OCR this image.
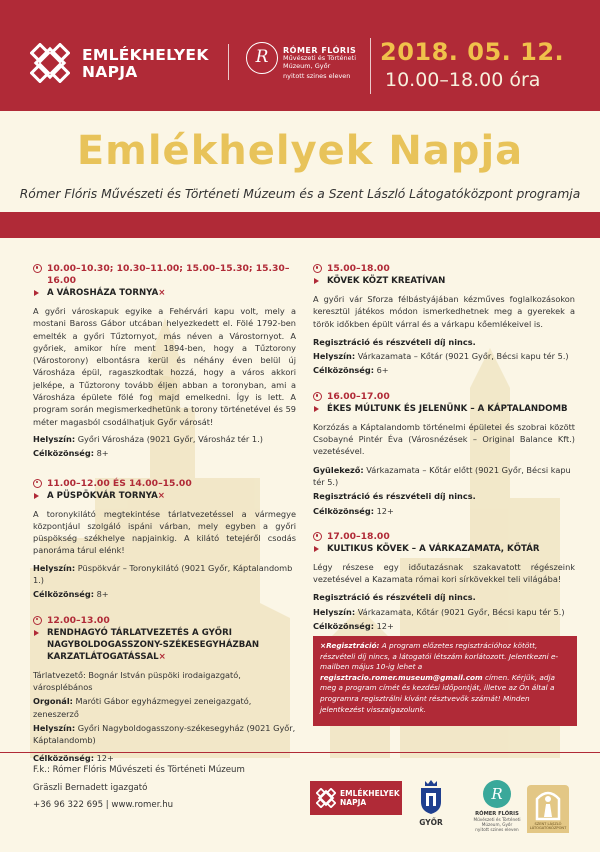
EMLÉKHELYEK
NAPJA
R	RÓMER FLÓRIS
Művészeti és Történeti
Múzeum, Győr
nyitott szines eleven
2018. 05. 12.
10.00–18.00 óra
Emlékhelyek Napja
Rómer Flóris Művészeti és Történeti Múzeum és a Szent László Látogatóközpont programja
10.00–10.30; 10.30–11.00; 15.00–15.30; 15.30–16.00
A VÁROSHÁZA TORNYA×
A győri városkapuk egyike a Fehérvári kapu volt, mely a mostani Baross Gábor utcában helyezkedett el. Fölé 1792-ben emelték a győri Tűztornyot, más néven a Várostornyot. A győriek, amikor híre ment 1894-ben, hogy a Tűztorony (Várostorony) elbontásra kerül és néhány éven belül új Városháza épül, ragaszkodtak hozzá, hogy a város akkori jelképe, a Tűztorony tovább éljen abban a toronyban, ami a Városháza épülete fölé fog majd emelkedni. Így is lett. A program során megismerkedhetünk a torony történetével és 59 méter magasból csodálhatjuk Győr városát!
Helyszín: Győri Városháza (9021 Győr, Városház tér 1.)
Célközönség: 8+
11.00–12.00 ÉS 14.00–15.00
A PÜSPÖKVÁR TORNYA×
A toronykilátó megtekintése tárlatvezetéssel a vármegye központjául szolgáló ispáni várban, mely egyben a győri püspökség székhelye napjainkig. A kilátó tetejéről csodás panoráma tárul elénk!
Helyszín: Püspökvár – Toronykilátó (9021 Győr, Káptalandomb 1.)
Célközönség: 8+
12.00–13.00
RENDHAGYÓ TÁRLATVEZETÉS A GYŐRI NAGYBOLDOGASSZONY-SZÉKESEGYHÁZBAN KARZATLÁTOGATÁSSAL×
Tárlatvezető: Bognár István püspöki irodaigazgató, városplébános
Orgonál: Maróti Gábor egyházmegyei zeneigazgató, zeneszerző
Helyszín: Győri Nagyboldogasszony-székesegyház (9021 Győr, Káptalandomb)
Célközönség: 12+
15.00–18.00
KÖVEK KÖZT KREATÍVAN
A győri vár Sforza félbástyájában kézműves foglalkozásokon keresztül játékos módon ismerkedhetnek meg a gyerekek a török időkben épült várral és a várkapu kőemlékeivel is.
Regisztráció és részvételi díj nincs.
Helyszín: Várkazamata – Kőtár (9021 Győr, Bécsi kapu tér 5.)
Célközönség: 6+
16.00–17.00
ÉKES MÚLTUNK ÉS JELENÜNK – A KÁPTALANDOMB
Korzózás a Káptalandomb történelmi épületei és szobrai között Csobayné Pintér Éva (Városnézések – Original Balance Kft.) vezetésével.
Gyülekező: Várkazamata – Kőtár előtt (9021 Győr, Bécsi kapu tér 5.)
Regisztráció és részvételi díj nincs.
Célközönség: 12+
17.00–18.00
KULTIKUS KÖVEK – A VÁRKAZAMATA, KŐTÁR
Légy részese egy időutazásnak szakavatott régészeink vezetésével a Kazamata római kori sírkövekkel teli világába!
Regisztráció és részvételi díj nincs.
Helyszín: Várkazamata, Kőtár (9021 Győr, Bécsi kapu tér 5.)
Célközönség: 12+
×Regisztráció: A program előzetes regisztrációhoz kötött, részvételi díj nincs, a látogatói létszám korlátozott. Jelentkezni e-mailben május 10-ig lehet a regisztracio.romer.museum@gmail.com címen. Kérjük, adja meg a program címét és kezdési időpontját, illetve az Ön által a programra regisztrálni kívánt résztvevők számát! Minden jelentkezést visszaigazolunk.
F.k.: Rómer Flóris Művészeti és Történeti Múzeum
Gräszli Bernadett igazgató
+36 96 322 695 | www.romer.hu
EMLÉKHELYEK
NAPJA
GYŐR
R
RÓMER FLÓRIS
Művészeti és Történeti
Múzeum, Győr
nyitott szines eleven
SZENT LÁSZLÓ
LÁTOGATÓKÖZPONT
